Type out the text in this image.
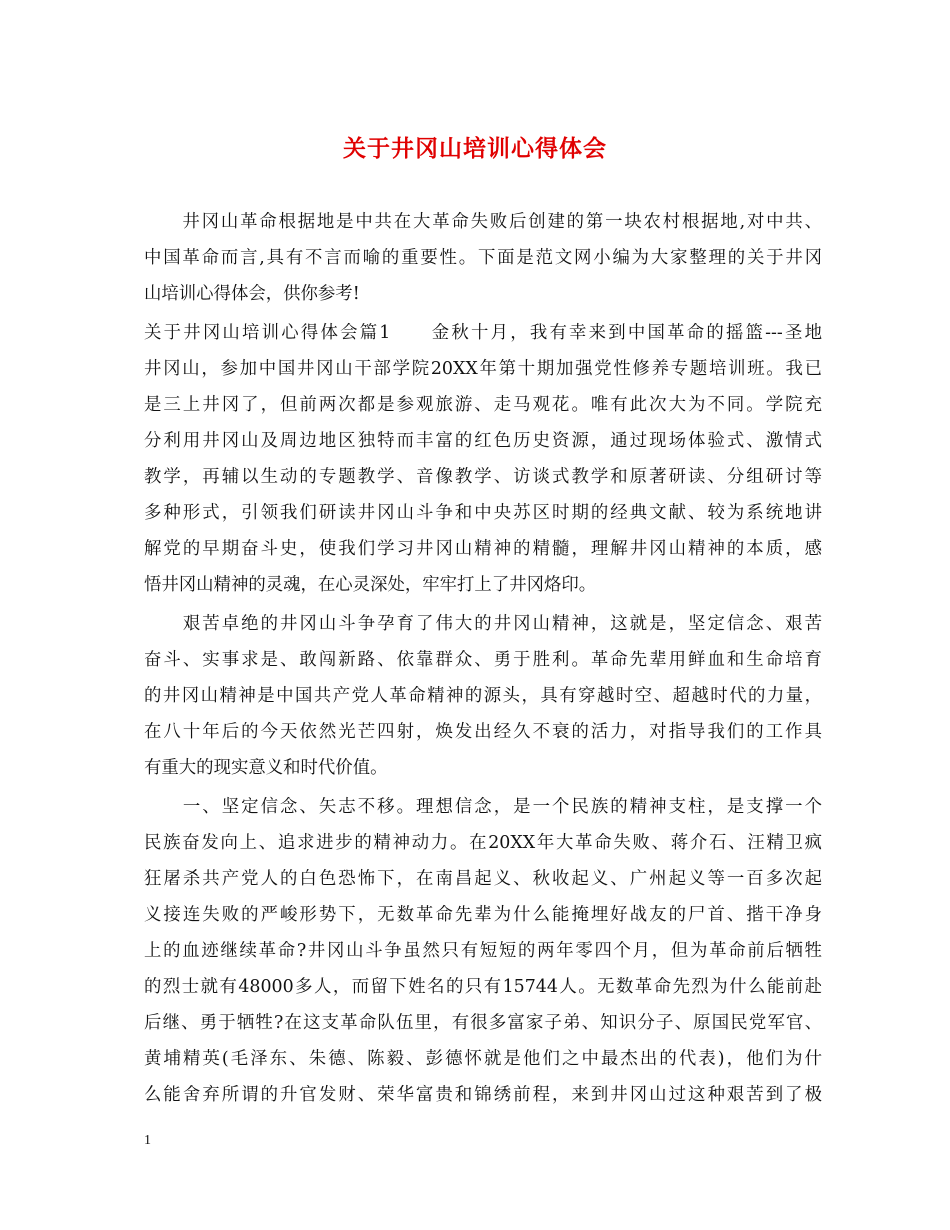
关于井冈山培训心得体会
　　井冈山革命根据地是中共在大革命失败后创建的第一块农村根据地,对中共、
中国革命而言,具有不言而喻的重要性。下面是范文网小编为大家整理的关于井冈
山培训心得体会，供你参考!
关于井冈山培训心得体会篇1　　金秋十月，我有幸来到中国革命的摇篮---圣地
井冈山，参加中国井冈山干部学院20XX年第十期加强党性修养专题培训班。我已
是三上井冈了，但前两次都是参观旅游、走马观花。唯有此次大为不同。学院充
分利用井冈山及周边地区独特而丰富的红色历史资源，通过现场体验式、激情式
教学，再辅以生动的专题教学、音像教学、访谈式教学和原著研读、分组研讨等
多种形式，引领我们研读井冈山斗争和中央苏区时期的经典文献、较为系统地讲
解党的早期奋斗史，使我们学习井冈山精神的精髓，理解井冈山精神的本质，感
悟井冈山精神的灵魂，在心灵深处，牢牢打上了井冈烙印。
　　艰苦卓绝的井冈山斗争孕育了伟大的井冈山精神，这就是，坚定信念、艰苦
奋斗、实事求是、敢闯新路、依靠群众、勇于胜利。革命先辈用鲜血和生命培育
的井冈山精神是中国共产党人革命精神的源头，具有穿越时空、超越时代的力量，
在八十年后的今天依然光芒四射，焕发出经久不衰的活力，对指导我们的工作具
有重大的现实意义和时代价值。
　　一、坚定信念、矢志不移。理想信念，是一个民族的精神支柱，是支撑一个
民族奋发向上、追求进步的精神动力。在20XX年大革命失败、蒋介石、汪精卫疯
狂屠杀共产党人的白色恐怖下，在南昌起义、秋收起义、广州起义等一百多次起
义接连失败的严峻形势下，无数革命先辈为什么能掩埋好战友的尸首、揩干净身
上的血迹继续革命?井冈山斗争虽然只有短短的两年零四个月，但为革命前后牺牲
的烈士就有48000多人，而留下姓名的只有15744人。无数革命先烈为什么能前赴
后继、勇于牺牲?在这支革命队伍里，有很多富家子弟、知识分子、原国民党军官、
黄埔精英(毛泽东、朱德、陈毅、彭德怀就是他们之中最杰出的代表)，他们为什
么能舍弃所谓的升官发财、荣华富贵和锦绣前程，来到井冈山过这种艰苦到了极
1
